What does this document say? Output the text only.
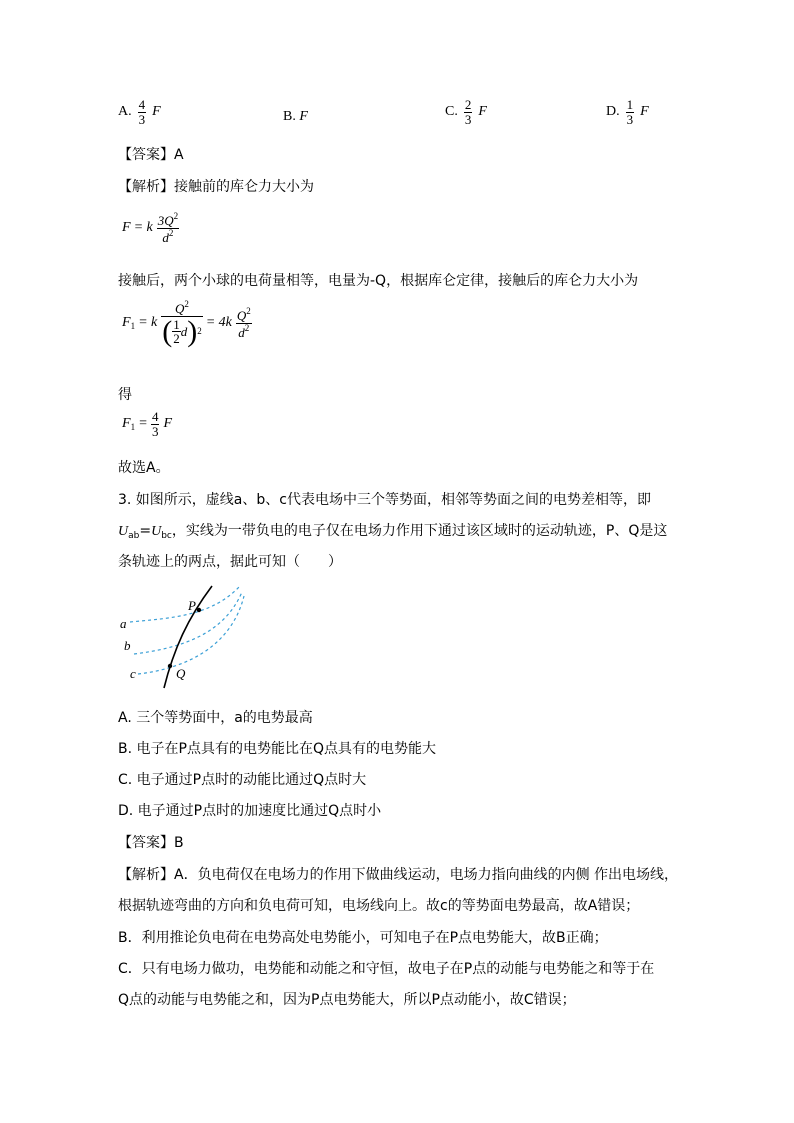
A. $\frac{4}{3}$ F	B. F	C. $\frac{2}{3}$ F	D. $\frac{1}{3}$ F
【答案】A
【解析】接触前的库仑力大小为
F = k $\frac{3Q^2}{d^2}$
接触后，两个小球的电荷量相等，电量为-Q，根据库仑定律，接触后的库仑力大小为
$F_1 = k \frac{Q^2}{( \frac{1}{2} d ) 2} = 4k \frac{Q^2}{d^2}$
得
$F_1 = \frac{4}{3}$ F
故选A。
3. 如图所示，虚线a、b、c代表电场中三个等势面，相邻等势面之间的电势差相等，即
$U_{ab}=U_{bc}$，实线为一带负电的电子仅在电场力作用下通过该区域时的运动轨迹，P、Q是这
条轨迹上的两点，据此可知（　　）
a
b
c
P
Q
A. 三个等势面中，a的电势最高
B. 电子在P点具有的电势能比在Q点具有的电势能大
C. 电子通过P点时的动能比通过Q点时大
D. 电子通过P点时的加速度比通过Q点时小
【答案】B
【解析】A．负电荷仅在电场力的作用下做曲线运动，电场力指向曲线的内侧 作出电场线，
根据轨迹弯曲的方向和负电荷可知，电场线向上。故c的等势面电势最高，故A错误；
B．利用推论负电荷在电势高处电势能小，可知电子在P点电势能大，故B正确；
C．只有电场力做功，电势能和动能之和守恒，故电子在P点的动能与电势能之和等于在
Q点的动能与电势能之和，因为P点电势能大，所以P点动能小，故C错误；
